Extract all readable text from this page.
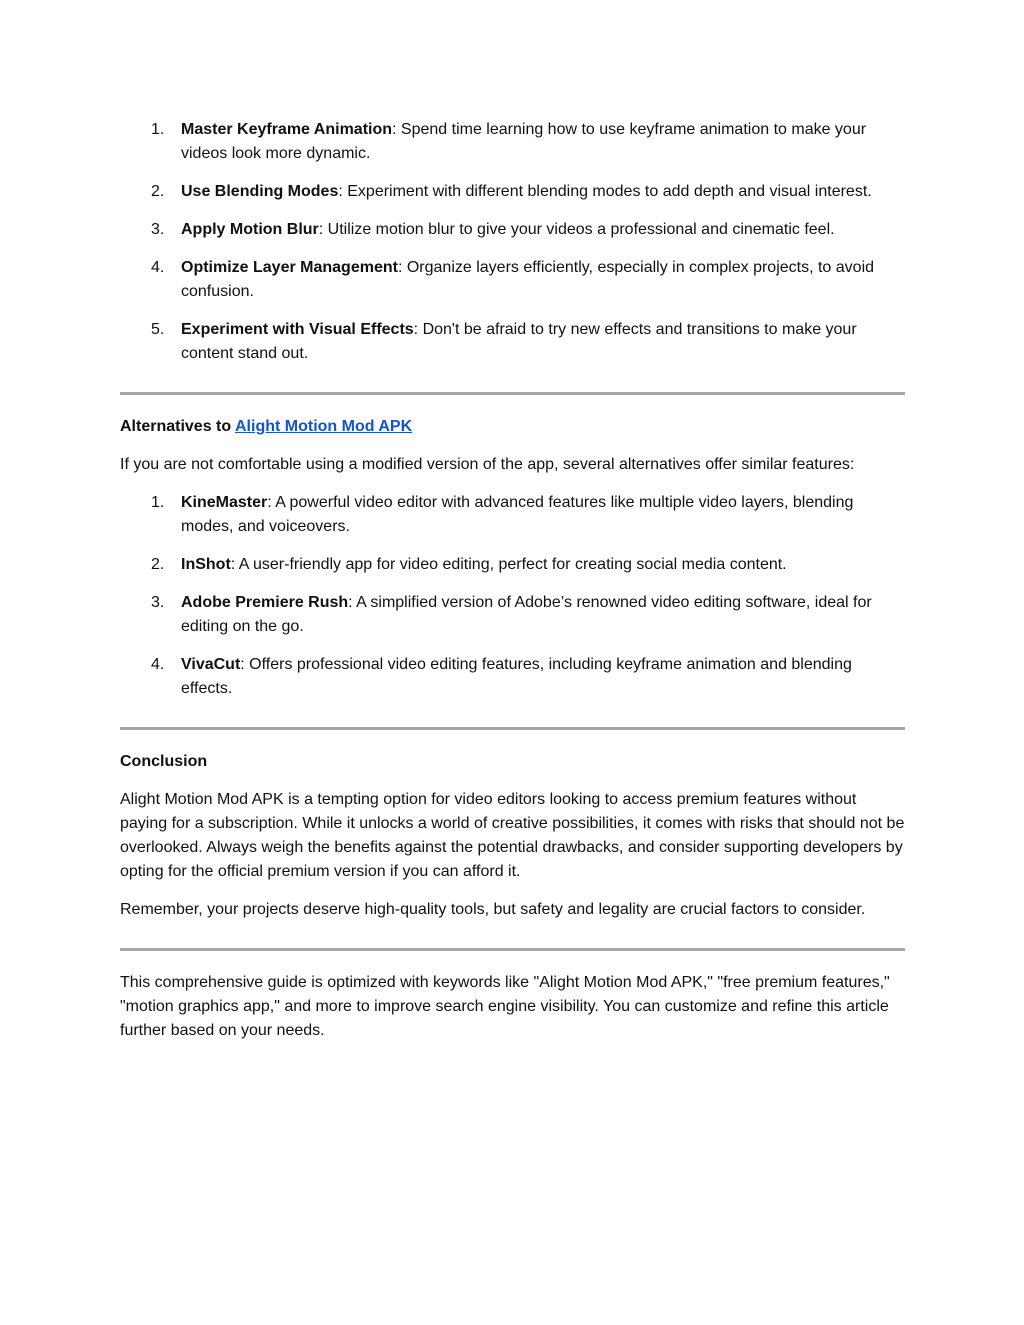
1. Master Keyframe Animation: Spend time learning how to use keyframe animation to make your videos look more dynamic.
2. Use Blending Modes: Experiment with different blending modes to add depth and visual interest.
3. Apply Motion Blur: Utilize motion blur to give your videos a professional and cinematic feel.
4. Optimize Layer Management: Organize layers efficiently, especially in complex projects, to avoid confusion.
5. Experiment with Visual Effects: Don't be afraid to try new effects and transitions to make your content stand out.
Alternatives to Alight Motion Mod APK

If you are not comfortable using a modified version of the app, several alternatives offer similar features:

1. KineMaster: A powerful video editor with advanced features like multiple video layers, blending modes, and voiceovers.
2. InShot: A user-friendly app for video editing, perfect for creating social media content.
3. Adobe Premiere Rush: A simplified version of Adobe’s renowned video editing software, ideal for editing on the go.
4. VivaCut: Offers professional video editing features, including keyframe animation and blending effects.
Conclusion

Alight Motion Mod APK is a tempting option for video editors looking to access premium features without paying for a subscription. While it unlocks a world of creative possibilities, it comes with risks that should not be overlooked. Always weigh the benefits against the potential drawbacks, and consider supporting developers by opting for the official premium version if you can afford it.

Remember, your projects deserve high-quality tools, but safety and legality are crucial factors to consider.

This comprehensive guide is optimized with keywords like "Alight Motion Mod APK," "free premium features," "motion graphics app," and more to improve search engine visibility. You can customize and refine this article further based on your needs.
